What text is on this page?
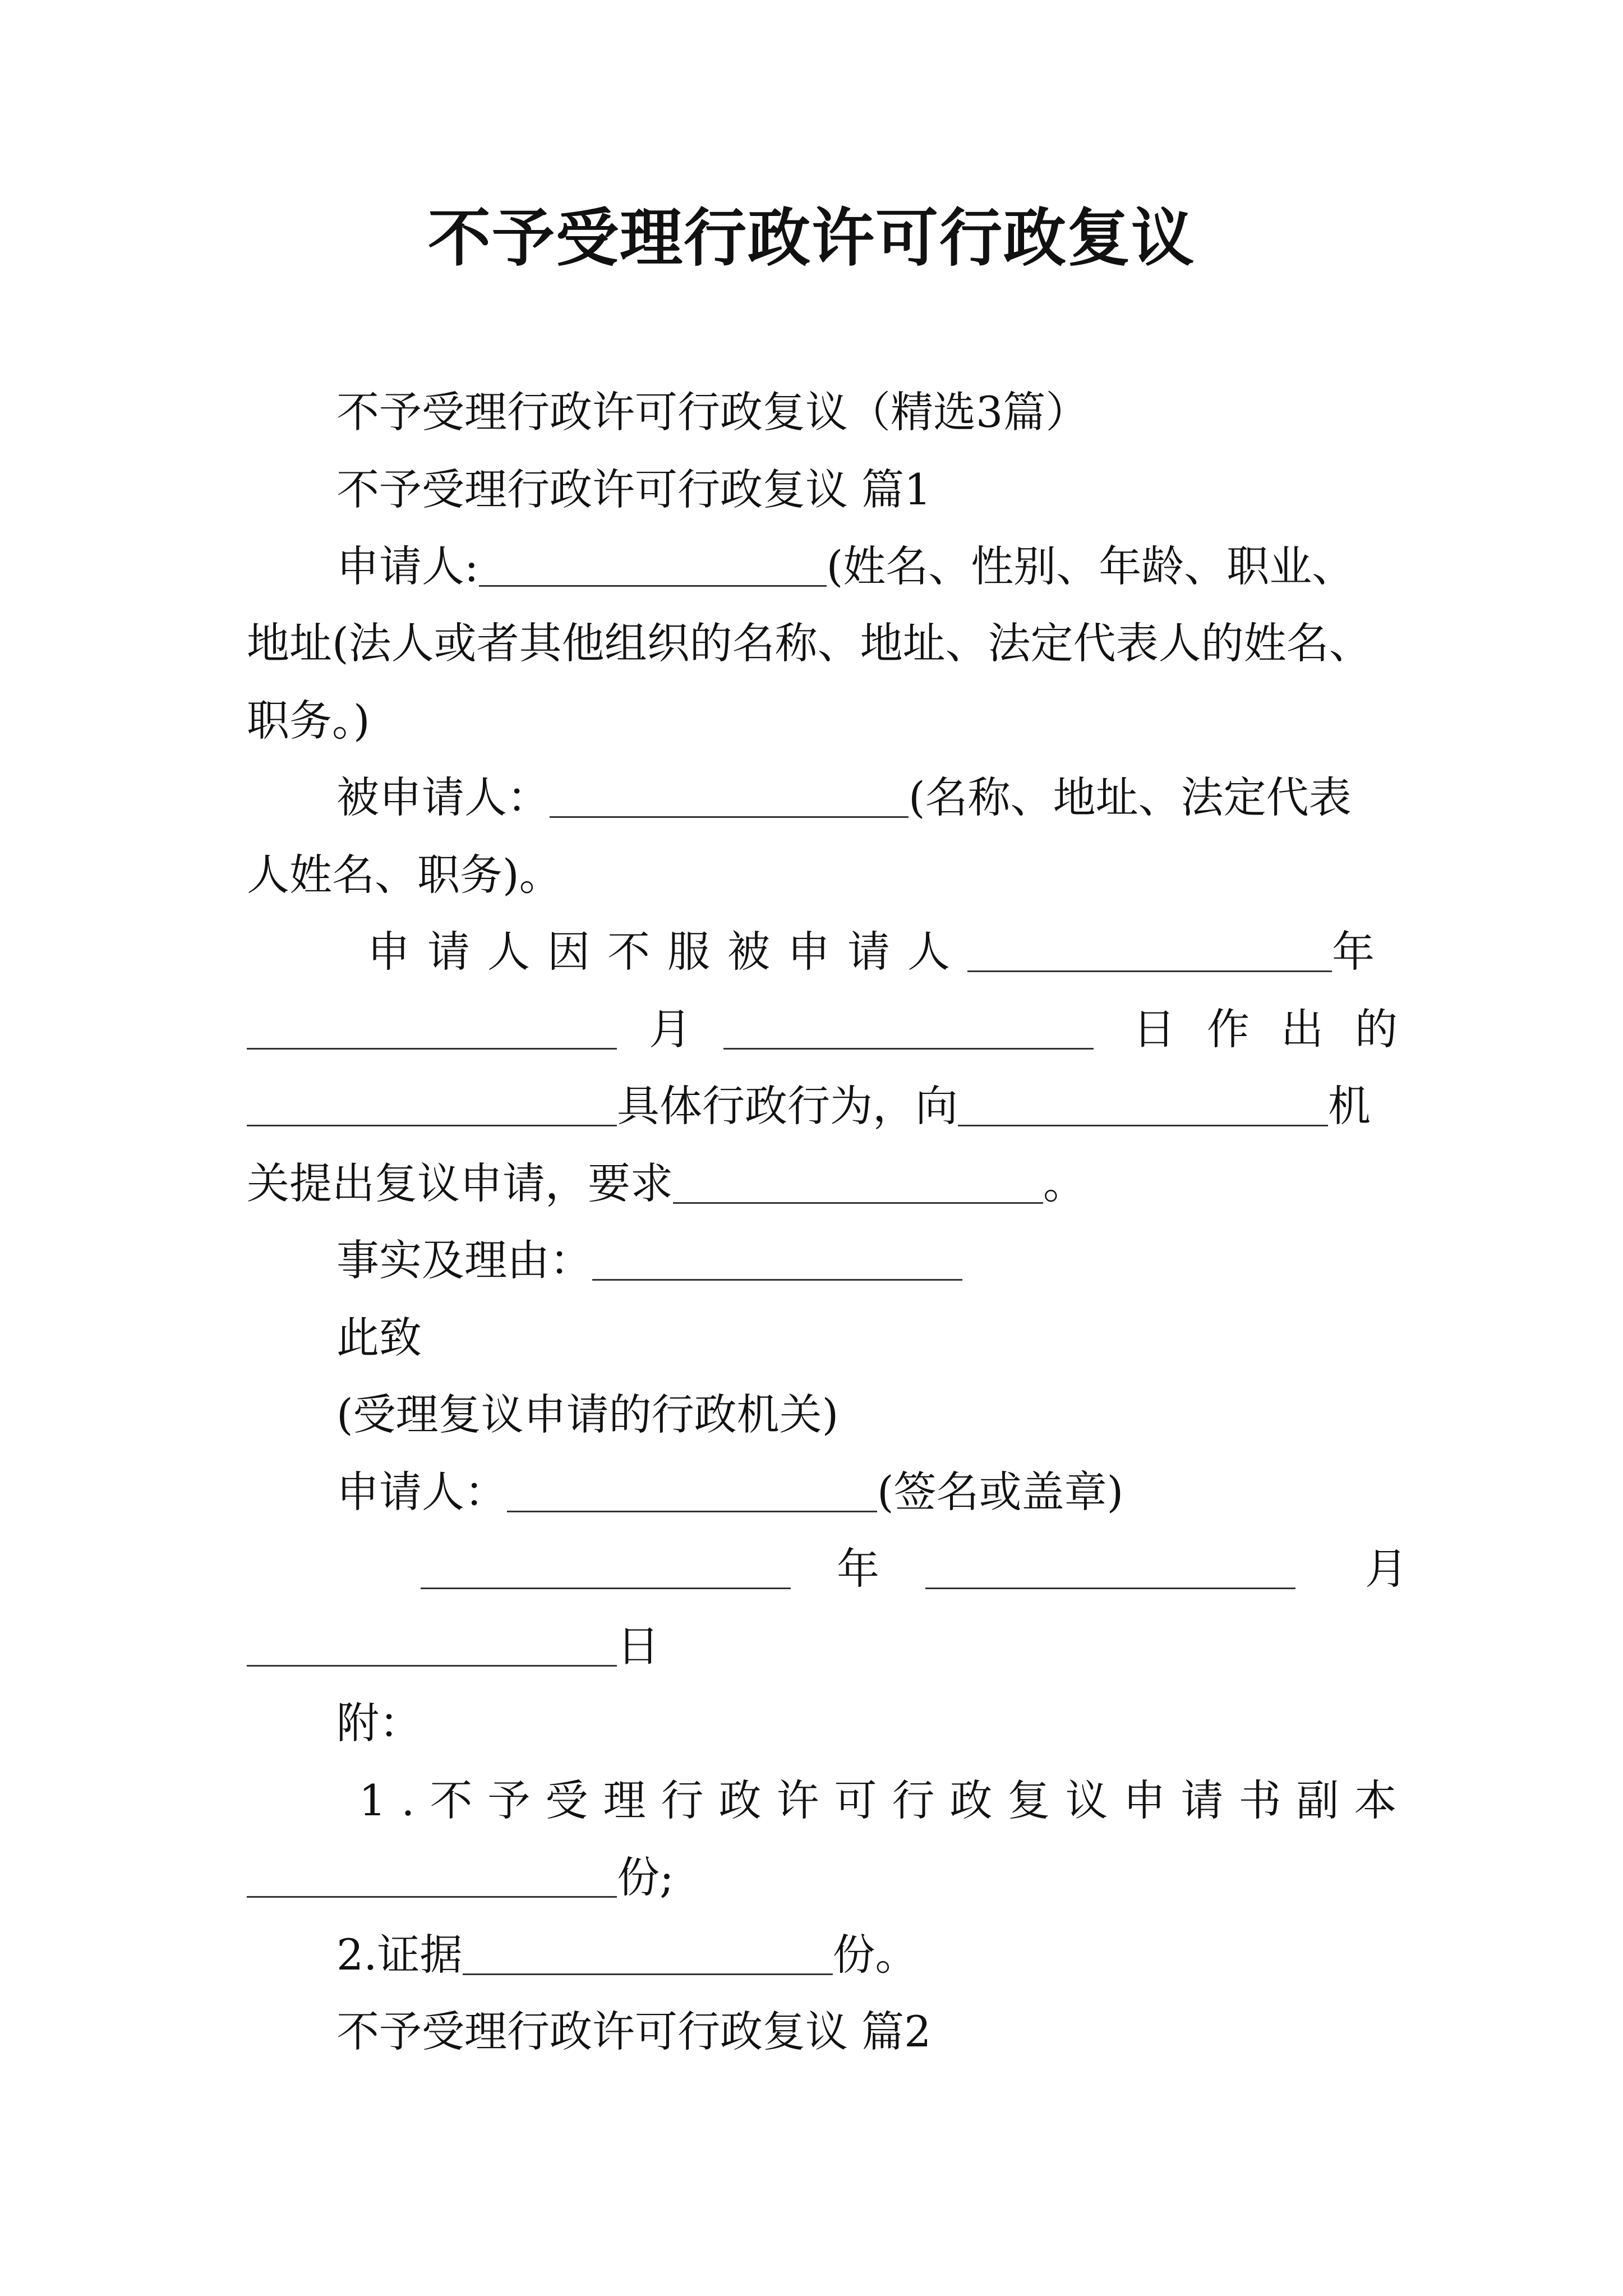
不予受理行政许可行政复议
不予受理行政许可行政复议（精选3篇）
不予受理行政许可行政复议 篇1
申请人:	(姓名、性别、年龄、职业、
地址(法人或者其他组织的名称、地址、法定代表人的姓名、
职务。)
被申请人：	(名称、地址、法定代表
人姓名、职务)。
申请人因不服被申请人	年
月	日作出的
具体行政行为，向	机
关提出复议申请，要求	。
事实及理由：
此致
(受理复议申请的行政机关)
申请人：	(签名或盖章)
年	月
日
附：
1.不予受理行政许可行政复议申请书副本
份;
2.证据	份。
不予受理行政许可行政复议 篇2
